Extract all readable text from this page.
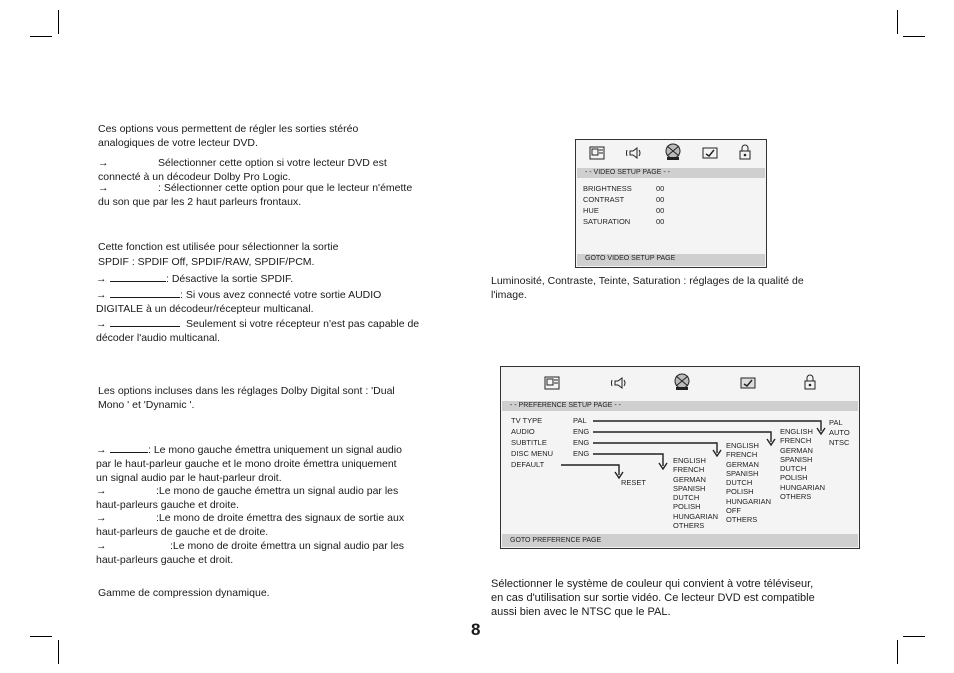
Ces options vous permettent de régler les sorties stéréo
analogiques de votre lecteur DVD.
→	Sélectionner cette option si votre lecteur DVD est
connecté à un décodeur Dolby Pro Logic.
→	: Sélectionner cette option pour que le lecteur n'émette
du son que par les 2 haut parleurs frontaux.
Cette fonction est utilisée pour sélectionner la sortie
SPDIF : SPDIF Off, SPDIF/RAW, SPDIF/PCM.
→	: Désactive la sortie SPDIF.
→	: Si vous avez connecté votre sortie AUDIO
DIGITALE à un décodeur/récepteur multicanal.
→	Seulement si votre récepteur n'est pas capable de
décoder l'audio multicanal.
Les options incluses dans les réglages Dolby Digital sont : 'Dual
Mono ' et 'Dynamic '.
→	: Le mono gauche émettra uniquement un signal audio
par le haut-parleur gauche et le mono droite émettra uniquement
un signal audio par le haut-parleur droit.
→	:Le mono de gauche émettra un signal audio par les
haut-parleurs gauche et droite.
→	:Le mono de droite émettra des signaux de sortie aux
haut-parleurs de gauche et de droite.
→	:Le mono de droite émettra un signal audio par les
haut-parleurs gauche et droit.
Gamme de compression dynamique.
- - VIDEO SETUP PAGE - -
BRIGHTNESS	00
CONTRAST	00
HUE	00
SATURATION	00
GOTO VIDEO SETUP PAGE
Luminosité, Contraste, Teinte, Saturation : réglages de la qualité de
l'image.
- - PREFERENCE SETUP PAGE - -
TV TYPE	PAL
AUDIO	ENG
SUBTITLE	ENG
DISC MENU	ENG
DEFAULT
RESET
PAL
AUTO
NTSC
ENGLISH
FRENCH
GERMAN
SPANISH
DUTCH
POLISH
HUNGARIAN
OTHERS
ENGLISH
FRENCH
GERMAN
SPANISH
DUTCH
POLISH
HUNGARIAN
OFF
OTHERS
ENGLISH
FRENCH
GERMAN
SPANISH
DUTCH
POLISH
HUNGARIAN
OTHERS
GOTO PREFERENCE PAGE
Sélectionner le système de couleur qui convient à votre téléviseur,
en cas d'utilisation sur sortie vidéo. Ce lecteur DVD est compatible
aussi bien avec le NTSC que le PAL.
8
